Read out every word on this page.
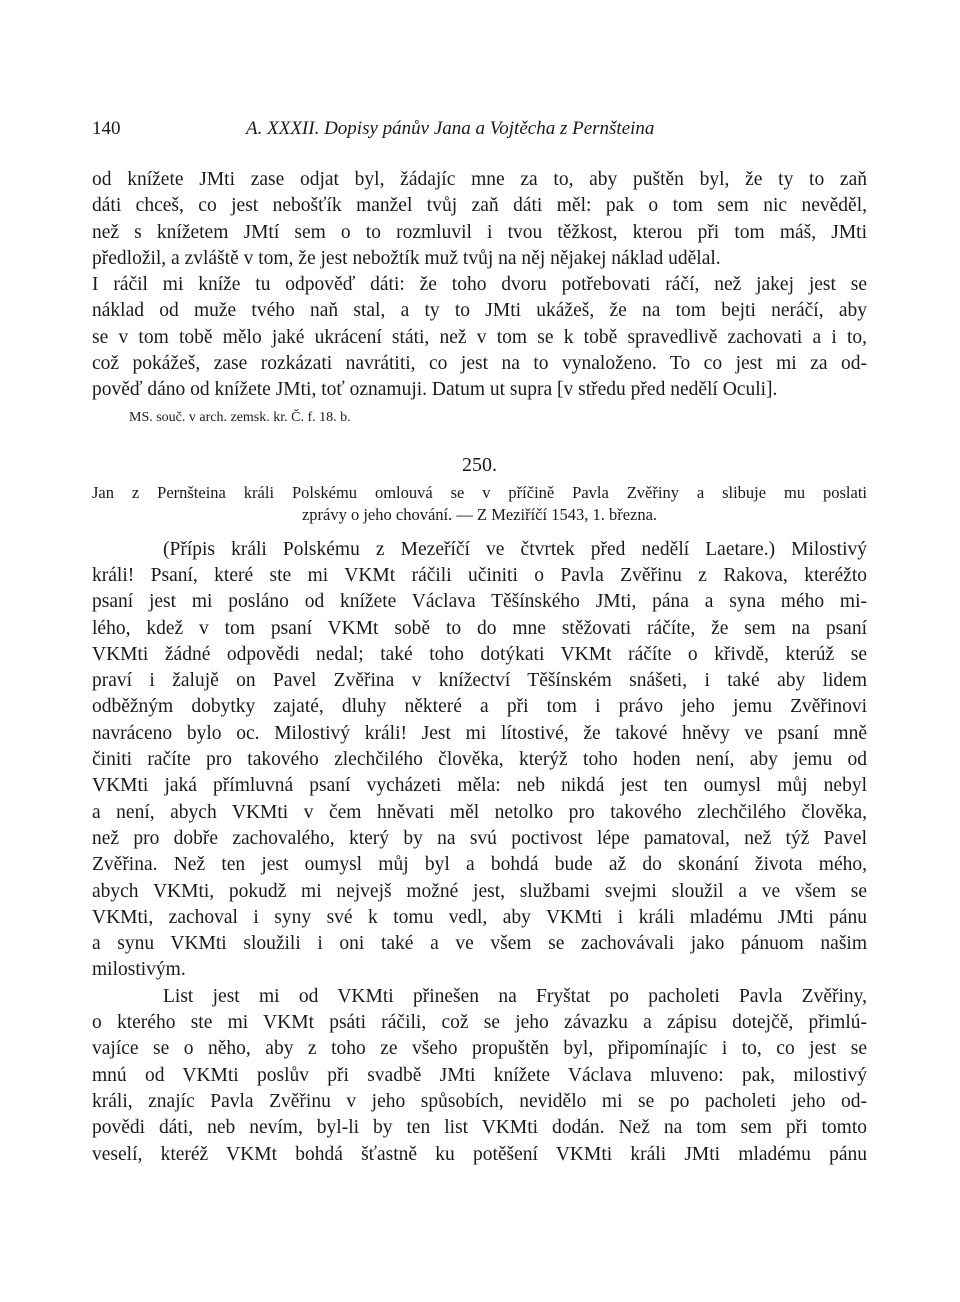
140	A. XXXII. Dopisy pánův Jana a Vojtěcha z Pernšteina
od knížete JMti zase odjat byl, žádajíc mne za to, aby puštěn byl, že ty to zaň
dáti chceš, co jest nebošťík manžel tvůj zaň dáti měl: pak o tom sem nic nevěděl,
než s knížetem JMtí sem o to rozmluvil i tvou těžkost, kterou při tom máš, JMti
předložil, a zvláště v tom, že jest nebožtík muž tvůj na něj nějakej náklad udělal.
I ráčil mi kníže tu odpověď dáti: že toho dvoru potřebovati ráčí, než jakej jest se
náklad od muže tvého naň stal, a ty to JMti ukážeš, že na tom bejti neráčí, aby
se v tom tobě mělo jaké ukrácení státi, než v tom se k tobě spravedlivě zachovati a i to,
což pokážeš, zase rozkázati navrátiti, co jest na to vynaloženo. To co jest mi za od-
pověď dáno od knížete JMti, toť oznamuji. Datum ut supra [v středu před nedělí Oculi].
MS. souč. v arch. zemsk. kr. Č. f. 18. b.
250.
Jan z Pernšteina králi Polskému omlouvá se v příčině Pavla Zvěřiny a slibuje mu poslati
zprávy o jeho chování. — Z Meziříčí 1543, 1. března.
(Přípis králi Polskému z Mezeříčí ve čtvrtek před nedělí Laetare.) Milostivý
králi! Psaní, které ste mi VKMt ráčili učiniti o Pavla Zvěřinu z Rakova, kteréžto
psaní jest mi posláno od knížete Václava Těšínského JMti, pána a syna mého mi-
lého, kdež v tom psaní VKMt sobě to do mne stěžovati ráčíte, že sem na psaní
VKMti žádné odpovědi nedal; také toho dotýkati VKMt ráčíte o křivdě, kterúž se
praví i žalujě on Pavel Zvěřina v knížectví Těšínském snášeti, i také aby lidem
odběžným dobytky zajaté, dluhy některé a při tom i právo jeho jemu Zvěřinovi
navráceno bylo oc. Milostivý králi! Jest mi lítostivé, že takové hněvy ve psaní mně
činiti račíte pro takového zlechčilého člověka, kterýž toho hoden není, aby jemu od
VKMti jaká přímluvná psaní vycházeti měla: neb nikdá jest ten oumysl můj nebyl
a není, abych VKMti v čem hněvati měl netolko pro takového zlechčilého člověka,
než pro dobře zachovalého, který by na svú poctivost lépe pamatoval, než týž Pavel
Zvěřina. Než ten jest oumysl můj byl a bohdá bude až do skonání života mého,
abych VKMti, pokudž mi nejvejš možné jest, službami svejmi sloužil a ve všem se
VKMti, zachoval i syny své k tomu vedl, aby VKMti i králi mladému JMti pánu
a synu VKMti sloužili i oni také a ve všem se zachovávali jako pánuom našim
milostivým.
List jest mi od VKMti přinešen na Fryštat po pacholeti Pavla Zvěřiny,
o kterého ste mi VKMt psáti ráčili, což se jeho závazku a zápisu dotejčě, přimlú-
vajíce se o něho, aby z toho ze všeho propuštěn byl, připomínajíc i to, co jest se
mnú od VKMti poslův při svadbě JMti knížete Václava mluveno: pak, milostivý
králi, znajíc Pavla Zvěřinu v jeho spůsobích, nevidělo mi se po pacholeti jeho od-
povědi dáti, neb nevím, byl-li by ten list VKMti dodán. Než na tom sem při tomto
veselí, kteréž VKMt bohdá šťastně ku potěšení VKMti králi JMti mladému pánu
